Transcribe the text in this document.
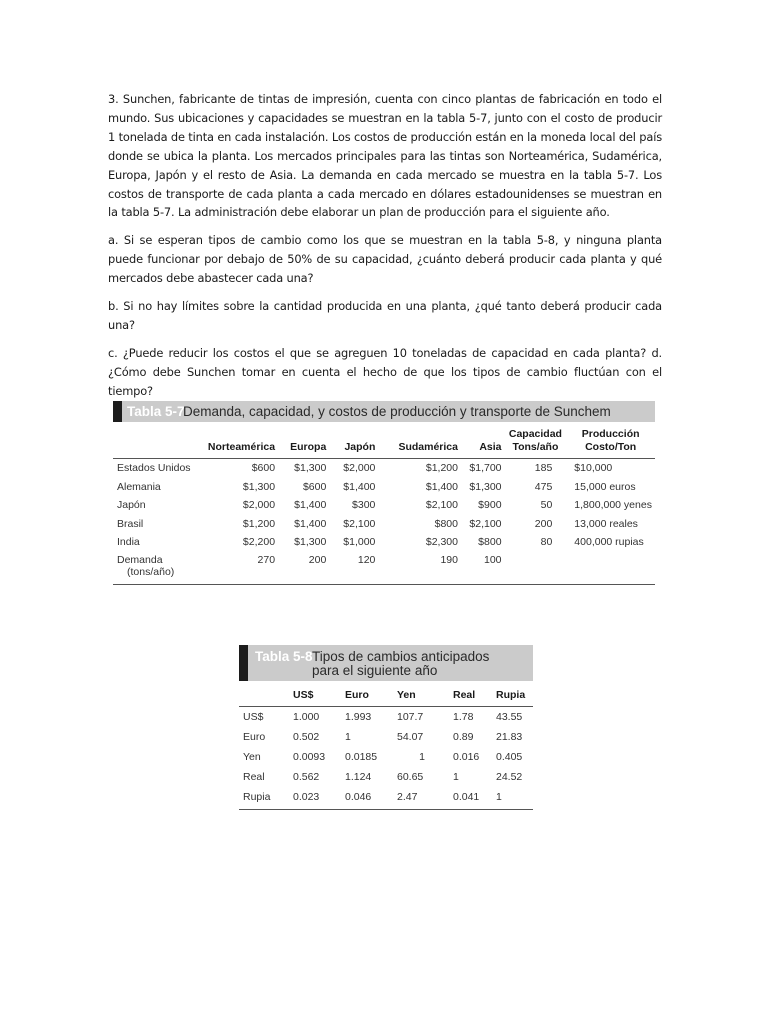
3. Sunchen, fabricante de tintas de impresión, cuenta con cinco plantas de fabricación en todo el mundo. Sus ubicaciones y capacidades se muestran en la tabla 5-7, junto con el costo de producir 1 tonelada de tinta en cada instalación. Los costos de producción están en la moneda local del país donde se ubica la planta. Los mercados principales para las tintas son Norteamérica, Sudamérica, Europa, Japón y el resto de Asia. La demanda en cada mercado se muestra en la tabla 5-7. Los costos de transporte de cada planta a cada mercado en dólares estadounidenses se muestran en la tabla 5-7. La administración debe elaborar un plan de producción para el siguiente año.

a. Si se esperan tipos de cambio como los que se muestran en la tabla 5-8, y ninguna planta puede funcionar por debajo de 50% de su capacidad, ¿cuánto deberá producir cada planta y qué mercados debe abastecer cada una?

b. Si no hay límites sobre la cantidad producida en una planta, ¿qué tanto deberá producir cada una?

c. ¿Puede reducir los costos el que se agreguen 10 toneladas de capacidad en cada planta? d. ¿Cómo debe Sunchen tomar en cuenta el hecho de que los tipos de cambio fluctúan con el tiempo?

Tabla 5-7
Demanda, capacidad, y costos de producción y transporte de Sunchem
	Norteamérica	Europa	Japón	Sudamérica	Asia	Capacidad
Tons/año	Producción
Costo/Ton
Estados Unidos	$600	$1,300	$2,000	$1,200	$1,700	185	$10,000
Alemania	$1,300	$600	$1,400	$1,400	$1,300	475	15,000 euros
Japón	$2,000	$1,400	$300	$2,100	$900	50	1,800,000 yenes
Brasil	$1,200	$1,400	$2,100	$800	$2,100	200	13,000 reales
India	$2,200	$1,300	$1,000	$2,300	$800	80	400,000 rupias
Demanda
(tons/año)	270	200	120	190	100		
Tabla 5-8 Tipos de cambios anticipados para el siguiente año
	US$	Euro	Yen	Real	Rupia
US$	1.000	1.993	107.7	1.78	43.55
Euro	0.502	1	54.07	0.89	21.83
Yen	0.0093	0.0185	1	0.016	0.405
Real	0.562	1.124	60.65	1	24.52
Rupia	0.023	0.046	2.47	0.041	1
